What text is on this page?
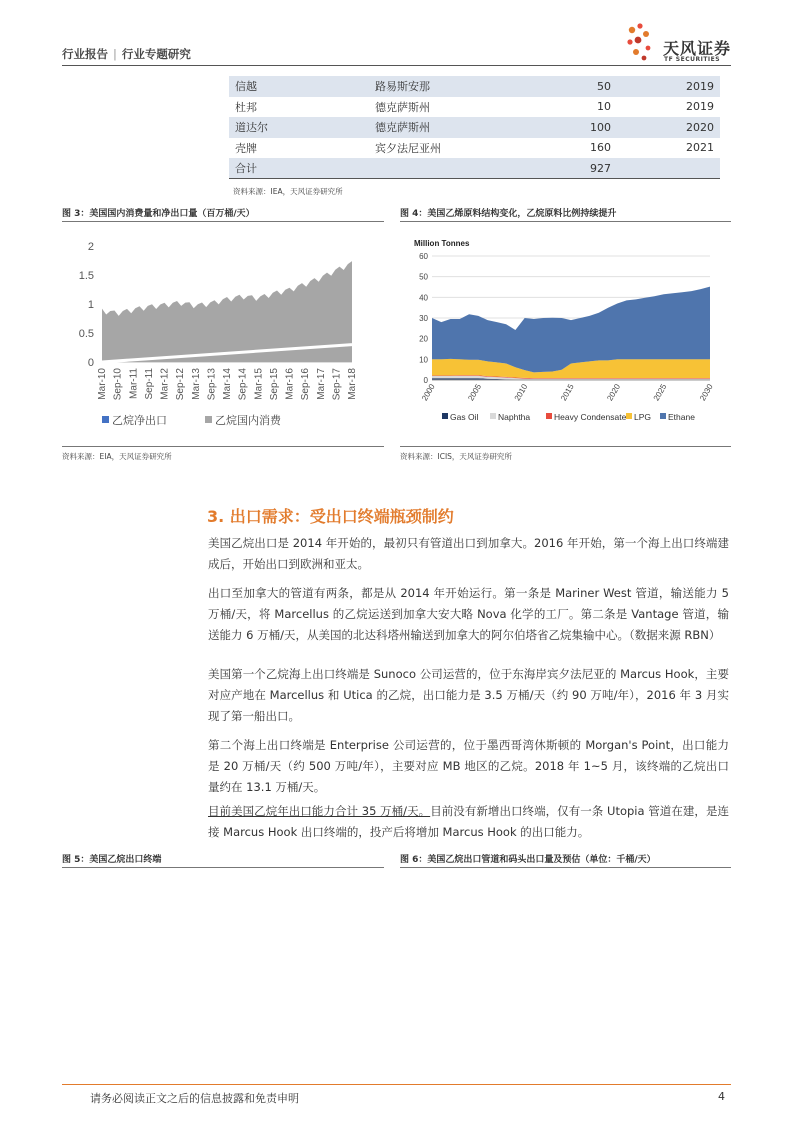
行业报告 | 行业专题研究	天风证券
TF SECURITIES
信越	路易斯安那	50	2019
杜邦	德克萨斯州	10	2019
道达尔	德克萨斯州	100	2020
壳牌	宾夕法尼亚州	160	2021
合计		927	
资料来源：IEA，天风证券研究所
图 3：美国国内消费量和净出口量（百万桶/天）
0
0.5
1
1.5
2
Mar-10 Sep-10 Mar-11 Sep-11 Mar-12 Sep-12 Mar-13 Sep-13 Mar-14 Sep-14 Mar-15 Sep-15 Mar-16 Sep-16 Mar-17 Sep-17 Mar-18
乙烷净出口	乙烷国内消费
资料来源：EIA，天风证券研究所
图 4：美国乙烯原料结构变化，乙烷原料比例持续提升
Million Tonnes
0
10
20
30
40
50
60
2000	2005	2010	2015	2020	2025	2030
Gas Oil Naphtha	Heavy Condensate LPG Ethane
资料来源：ICIS，天风证券研究所
3. 出口需求：受出口终端瓶颈制约
美国乙烷出口是 2014 年开始的，最初只有管道出口到加拿大。2016 年开始，第一个海上出口终端建成后，开始出口到欧洲和亚太。
出口至加拿大的管道有两条，都是从 2014 年开始运行。第一条是 Mariner West 管道，输送能力 5 万桶/天，将 Marcellus 的乙烷运送到加拿大安大略 Nova 化学的工厂。第二条是 Vantage 管道，输送能力 6 万桶/天，从美国的北达科塔州输送到加拿大的阿尔伯塔省乙烷集输中心。（数据来源 RBN）
美国第一个乙烷海上出口终端是 Sunoco 公司运营的，位于东海岸宾夕法尼亚的 Marcus Hook，主要对应产地在 Marcellus 和 Utica 的乙烷，出口能力是 3.5 万桶/天（约 90 万吨/年），2016 年 3 月实现了第一船出口。
第二个海上出口终端是 Enterprise 公司运营的，位于墨西哥湾休斯顿的 Morgan's Point，出口能力是 20 万桶/天（约 500 万吨/年），主要对应 MB 地区的乙烷。2018 年 1~5 月，该终端的乙烷出口量约在 13.1 万桶/天。
目前美国乙烷年出口能力合计 35 万桶/天。目前没有新增出口终端，仅有一条 Utopia 管道在建，是连接 Marcus Hook 出口终端的，投产后将增加 Marcus Hook 的出口能力。
图 5：美国乙烷出口终端	图 6：美国乙烷出口管道和码头出口量及预估（单位：千桶/天）
请务必阅读正文之后的信息披露和免责申明	4
